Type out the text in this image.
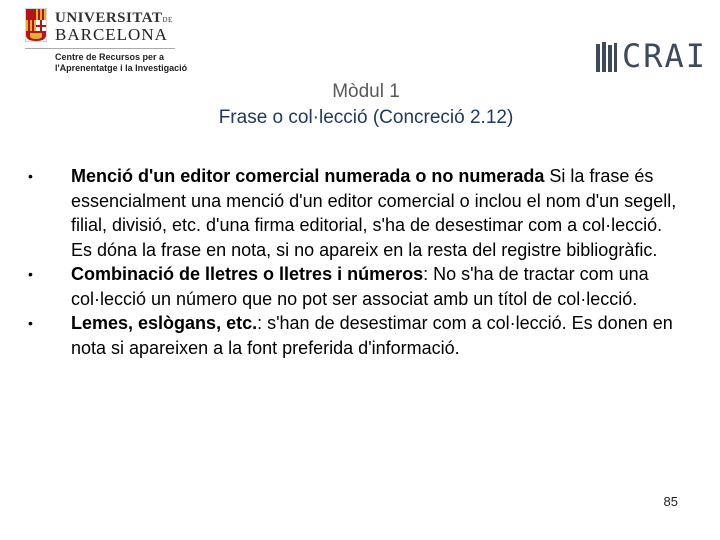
UNIVERSITATDE
BARCELONA
Centre de Recursos per a
l'Aprenentatge i la Investigació	CRAI
Mòdul 1
Frase o col·lecció (Concreció 2.12)
• Menció d'un editor comercial numerada o no numerada Si la frase és essencialment una menció d'un editor comercial o inclou el nom d'un segell, filial, divisió, etc. d'una firma editorial, s'ha de desestimar com a col·lecció. Es dóna la frase en nota, si no apareix en la resta del registre bibliogràfic.
• Combinació de lletres o lletres i números: No s'ha de tractar com una col·lecció un número que no pot ser associat amb un títol de col·lecció.
• Lemes, eslògans, etc.: s'han de desestimar com a col·lecció. Es donen en nota si apareixen a la font preferida d'informació.
85
